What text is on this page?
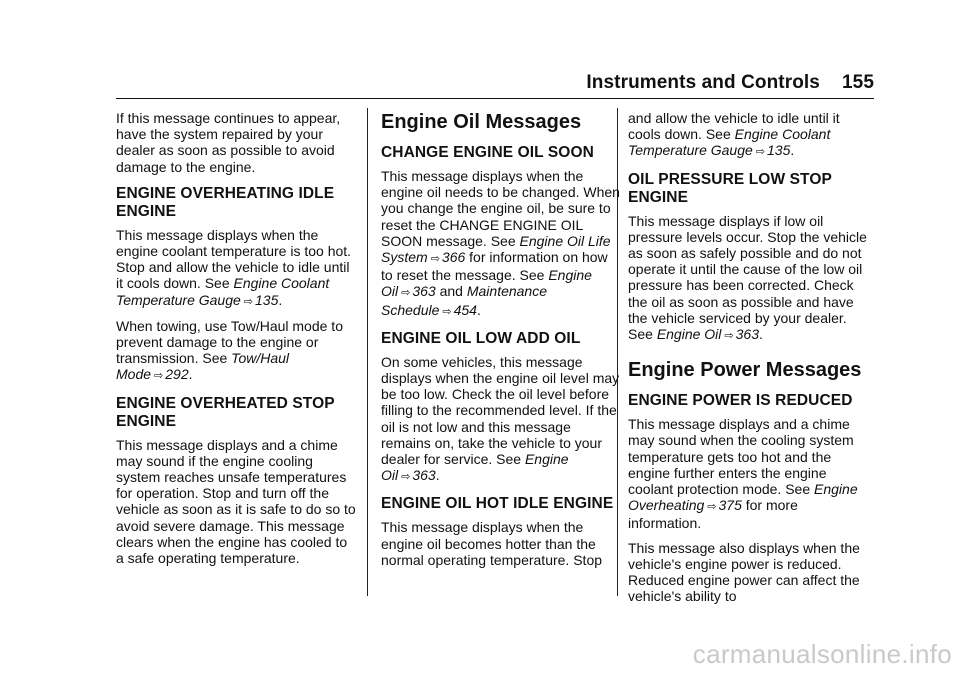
Instruments and Controls 155

If this message continues to appear, have the system repaired by your dealer as soon as possible to avoid damage to the engine.

ENGINE OVERHEATING IDLE ENGINE

This message displays when the engine coolant temperature is too hot. Stop and allow the vehicle to idle until it cools down. See Engine Coolant Temperature Gauge ⇨ 135.

When towing, use Tow/Haul mode to prevent damage to the engine or transmission. See Tow/Haul Mode ⇨ 292.

ENGINE OVERHEATED STOP ENGINE

This message displays and a chime may sound if the engine cooling system reaches unsafe temperatures for operation. Stop and turn off the vehicle as soon as it is safe to do so to avoid severe damage. This message clears when the engine has cooled to a safe operating temperature.

Engine Oil Messages
CHANGE ENGINE OIL SOON

This message displays when the engine oil needs to be changed. When you change the engine oil, be sure to reset the CHANGE ENGINE OIL SOON message. See Engine Oil Life System ⇨ 366 for information on how to reset the message. See Engine Oil ⇨ 363 and Maintenance Schedule ⇨ 454.

ENGINE OIL LOW ADD OIL

On some vehicles, this message displays when the engine oil level may be too low. Check the oil level before filling to the recommended level. If the oil is not low and this message remains on, take the vehicle to your dealer for service. See Engine Oil ⇨ 363.

ENGINE OIL HOT IDLE ENGINE

This message displays when the engine oil becomes hotter than the normal operating temperature. Stop

and allow the vehicle to idle until it cools down. See Engine Coolant Temperature Gauge ⇨ 135.

OIL PRESSURE LOW STOP ENGINE

This message displays if low oil pressure levels occur. Stop the vehicle as soon as safely possible and do not operate it until the cause of the low oil pressure has been corrected. Check the oil as soon as possible and have the vehicle serviced by your dealer. See Engine Oil ⇨ 363.

Engine Power Messages
ENGINE POWER IS REDUCED

This message displays and a chime may sound when the cooling system temperature gets too hot and the engine further enters the engine coolant protection mode. See Engine Overheating ⇨ 375 for more information.

This message also displays when the vehicle's engine power is reduced. Reduced engine power can affect the vehicle's ability to

carmanualsonline.info
